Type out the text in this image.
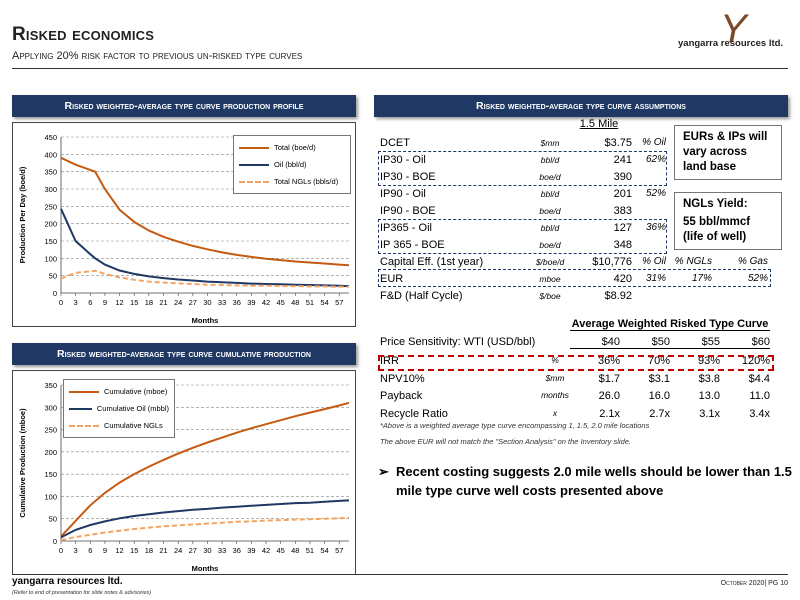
Risked economics
Applying 20% risk factor to previous un-risked type curves
Y
yangarra resources ltd.
Risked weighted-average type curve production profile
0
50
100
150
200
250
300
350
400
450
0 3 6 9 12 15 18 21 24 27 30 33 36 39 42 45 48 51 54 57
Months
Production Per Day (boe/d)
Total (boe/d)
Oil (bbl/d)
Total NGLs (bbls/d)
Risked weighted-average type curve cumulative production
0
50
100
150
200
250
300
350
0 3 6 9 12 15 18 21 24 27 30 33 36 39 42 45 48 51 54 57
Months
Cumulative Production (mboe)
Cumulative (mboe)
Cumulative Oil (mbbl)
Cumulative NGLs
Risked weighted-average type curve assumptions
1.5 Mile
DCET	$mm	$3.75	% Oil
IP30 - Oil	bbl/d	241	62%
IP30 - BOE	boe/d	390
IP90 - Oil	bbl/d	201	52%
IP90 - BOE	boe/d	383
IP365 - Oil	bbl/d	127	36%
IP 365 - BOE	boe/d	348
Capital Eff. (1st year)	$/boe/d	$10,776	% Oil % NGLs	% Gas
EUR	mboe	420	31%	17%	52%
F&D (Half Cycle)	$/boe	$8.92
EURs & IPs will vary across land base
NGLs Yield:
55 bbl/mmcf (life of well)
Average Weighted Risked Type Curve
Price Sensitivity: WTI (USD/bbl)	$40	$50	$55	$60
IRR	%	36%	70%	93%	120%
NPV10%	$mm	$1.7	$3.1	$3.8	$4.4
Payback	months	26.0	16.0	13.0	11.0
Recycle Ratio	x	2.1x	2.7x	3.1x	3.4x
*Above is a weighted average type curve encompassing 1, 1.5, 2.0 mile locations
The above EUR will not match the "Section Analysis" on the Inventory slide.
➢ Recent costing suggests 2.0 mile wells should be lower than 1.5 mile type curve well costs presented above
yangarra resources ltd.
(Refer to end of presentation for slide notes & advisories)
October 2020| PG 10
